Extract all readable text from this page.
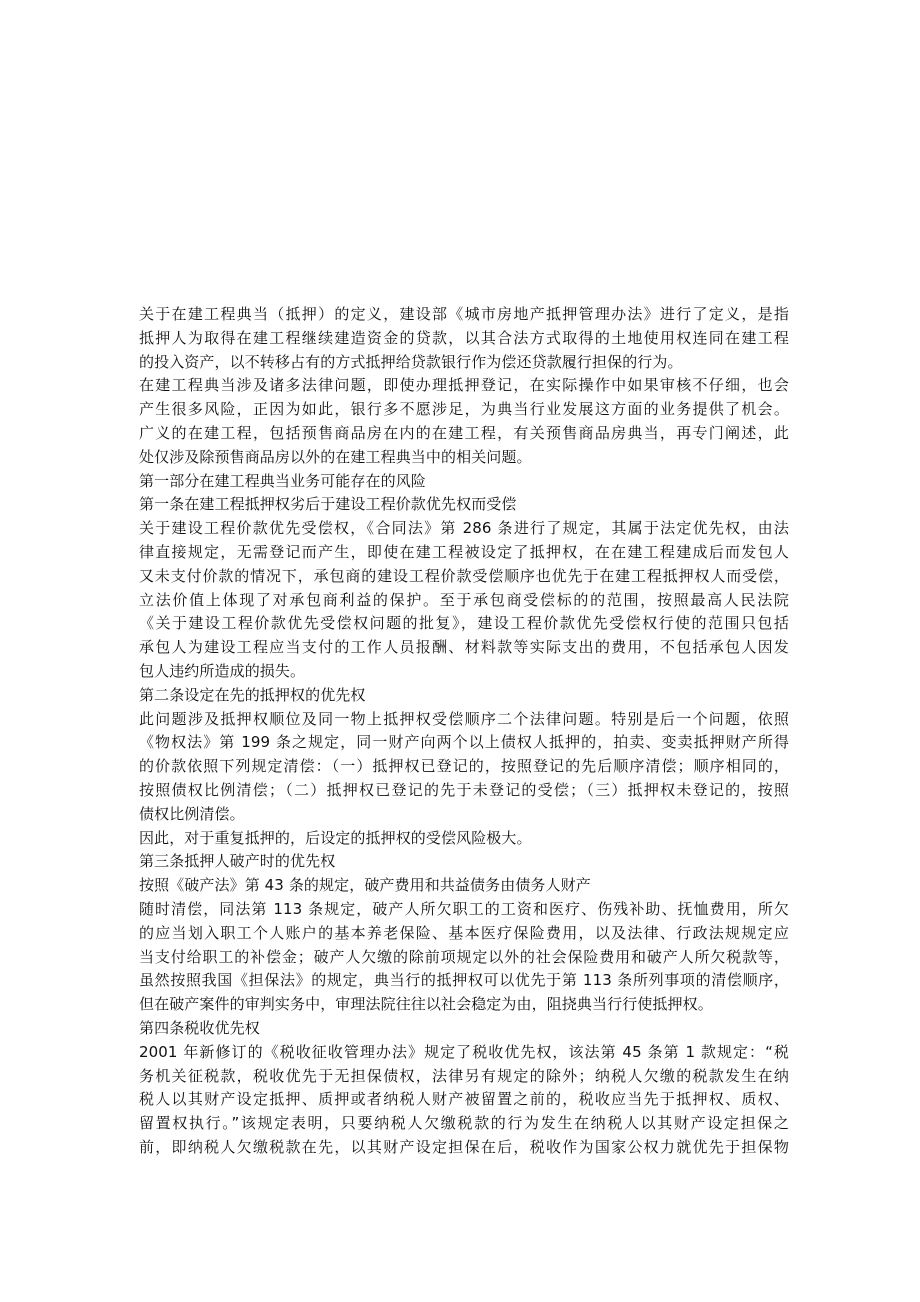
关于在建工程典当（抵押）的定义，建设部《城市房地产抵押管理办法》进行了定义，是指
抵押人为取得在建工程继续建造资金的贷款，以其合法方式取得的土地使用权连同在建工程
的投入资产，以不转移占有的方式抵押给贷款银行作为偿还贷款履行担保的行为。
在建工程典当涉及诸多法律问题，即使办理抵押登记，在实际操作中如果审核不仔细，也会
产生很多风险，正因为如此，银行多不愿涉足，为典当行业发展这方面的业务提供了机会。
广义的在建工程，包括预售商品房在内的在建工程，有关预售商品房典当，再专门阐述，此
处仅涉及除预售商品房以外的在建工程典当中的相关问题。
第一部分在建工程典当业务可能存在的风险
第一条在建工程抵押权劣后于建设工程价款优先权而受偿
关于建设工程价款优先受偿权，《合同法》第 286 条进行了规定，其属于法定优先权，由法
律直接规定，无需登记而产生，即使在建工程被设定了抵押权，在在建工程建成后而发包人
又未支付价款的情况下，承包商的建设工程价款受偿顺序也优先于在建工程抵押权人而受偿，
立法价值上体现了对承包商利益的保护。至于承包商受偿标的的范围，按照最高人民法院
《关于建设工程价款优先受偿权问题的批复》，建设工程价款优先受偿权行使的范围只包括
承包人为建设工程应当支付的工作人员报酬、材料款等实际支出的费用，不包括承包人因发
包人违约所造成的损失。
第二条设定在先的抵押权的优先权
此问题涉及抵押权顺位及同一物上抵押权受偿顺序二个法律问题。特别是后一个问题，依照
《物权法》第 199 条之规定，同一财产向两个以上债权人抵押的，拍卖、变卖抵押财产所得
的价款依照下列规定清偿：（一）抵押权已登记的，按照登记的先后顺序清偿；顺序相同的，
按照债权比例清偿；（二）抵押权已登记的先于未登记的受偿；（三）抵押权未登记的，按照
债权比例清偿。
因此，对于重复抵押的，后设定的抵押权的受偿风险极大。
第三条抵押人破产时的优先权
按照《破产法》第 43 条的规定，破产费用和共益债务由债务人财产
随时清偿，同法第 113 条规定，破产人所欠职工的工资和医疗、伤残补助、抚恤费用，所欠
的应当划入职工个人账户的基本养老保险、基本医疗保险费用，以及法律、行政法规规定应
当支付给职工的补偿金；破产人欠缴的除前项规定以外的社会保险费用和破产人所欠税款等，
虽然按照我国《担保法》的规定，典当行的抵押权可以优先于第 113 条所列事项的清偿顺序，
但在破产案件的审判实务中，审理法院往往以社会稳定为由，阻挠典当行行使抵押权。
第四条税收优先权
2001 年新修订的《税收征收管理办法》规定了税收优先权，该法第 45 条第 1 款规定：“税
务机关征税款，税收优先于无担保债权，法律另有规定的除外；纳税人欠缴的税款发生在纳
税人以其财产设定抵押、质押或者纳税人财产被留置之前的，税收应当先于抵押权、质权、
留置权执行。”该规定表明，只要纳税人欠缴税款的行为发生在纳税人以其财产设定担保之
前，即纳税人欠缴税款在先，以其财产设定担保在后，税收作为国家公权力就优先于担保物
